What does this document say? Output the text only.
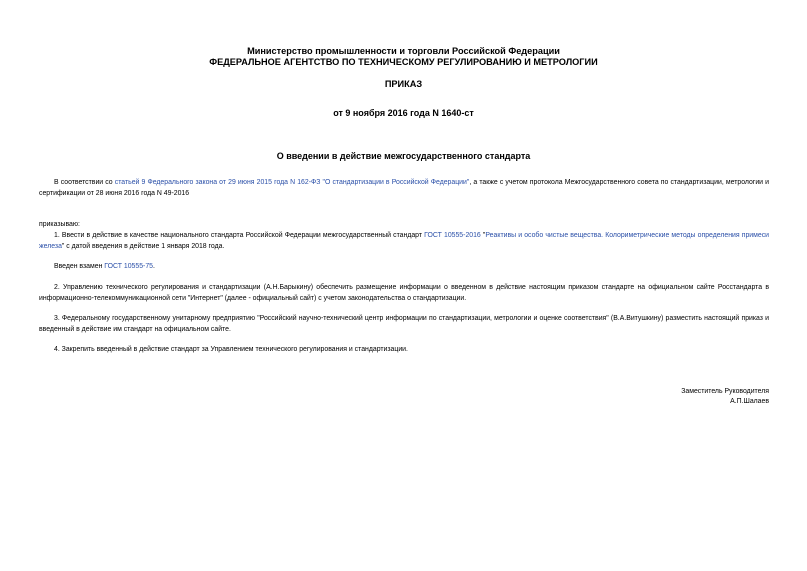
Министерство промышленности и торговли Российской Федерации
ФЕДЕРАЛЬНОЕ АГЕНТСТВО ПО ТЕХНИЧЕСКОМУ РЕГУЛИРОВАНИЮ И МЕТРОЛОГИИ
ПРИКАЗ
от 9 ноября 2016 года N 1640-ст
О введении в действие межгосударственного стандарта
В соответствии со статьей 9 Федерального закона от 29 июня 2015 года N 162-ФЗ "О стандартизации в Российской Федерации", а также с учетом протокола Межгосударственного совета по стандартизации, метрологии и сертификации от 28 июня 2016 года N 49-2016
приказываю:
1. Ввести в действие в качестве национального стандарта Российской Федерации межгосударственный стандарт ГОСТ 10555-2016 "Реактивы и особо чистые вещества. Колориметрические методы определения примеси железа" с датой введения в действие 1 января 2018 года.
Введен взамен ГОСТ 10555-75.
2. Управлению технического регулирования и стандартизации (А.Н.Барыкину) обеспечить размещение информации о введенном в действие настоящим приказом стандарте на официальном сайте Росстандарта в информационно-телекоммуникационной сети "Интернет" (далее - официальный сайт) с учетом законодательства о стандартизации.
3. Федеральному государственному унитарному предприятию "Российский научно-технический центр информации по стандартизации, метрологии и оценке соответствия" (В.А.Витушкину) разместить настоящий приказ и введенный в действие им стандарт на официальном сайте.
4. Закрепить введенный в действие стандарт за Управлением технического регулирования и стандартизации.
Заместитель Руководителя
А.П.Шалаев
